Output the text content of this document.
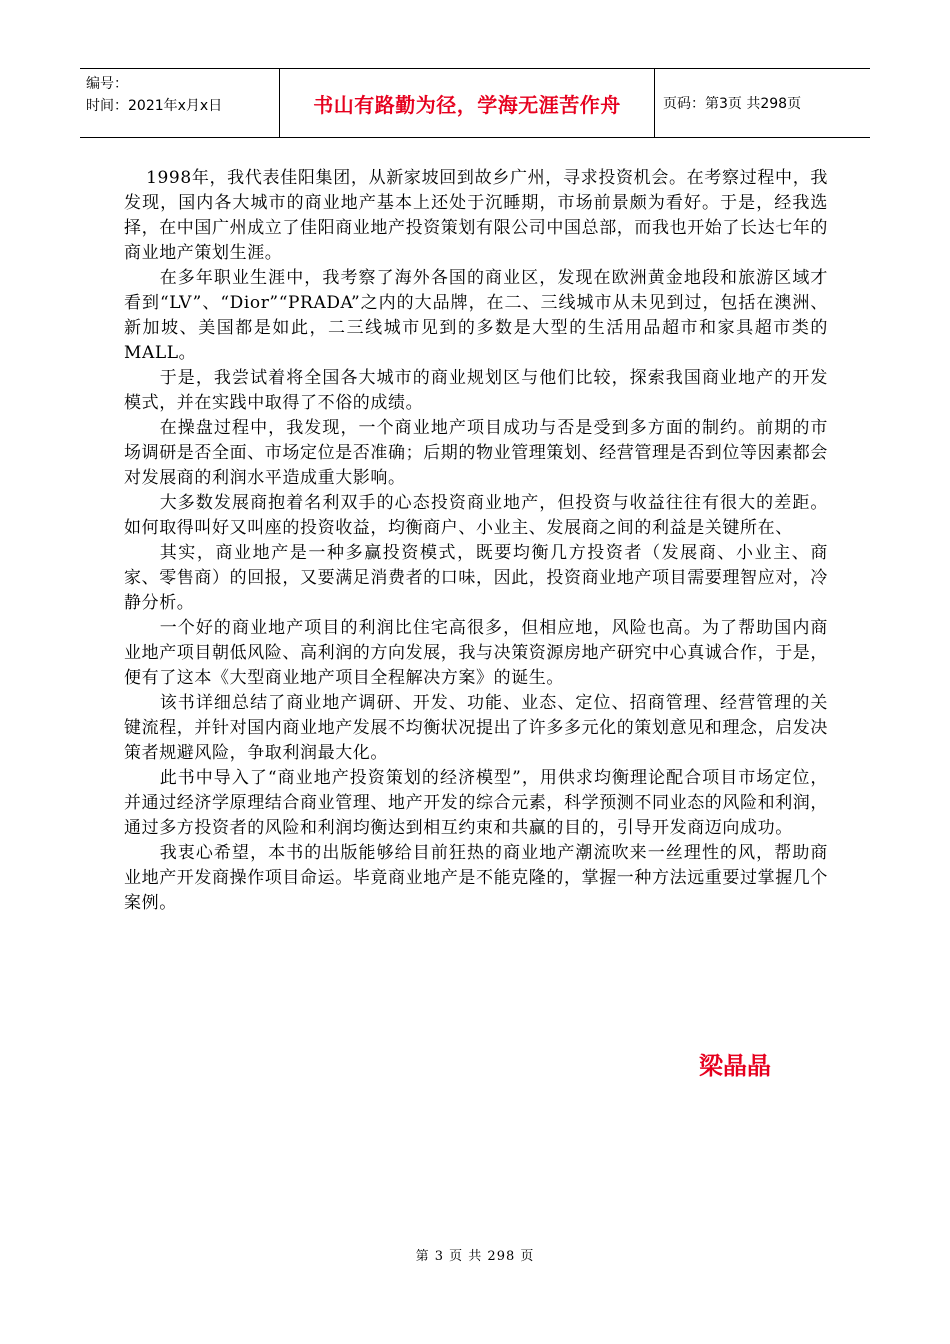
编号：
时间：2021年x月x日	书山有路勤为径，学海无涯苦作舟	页码：第3页 共298页

1998年，我代表佳阳集团，从新家坡回到故乡广州，寻求投资机会。在考察过程中，我发现，国内各大城市的商业地产基本上还处于沉睡期，市场前景颇为看好。于是，经我选择，在中国广州成立了佳阳商业地产投资策划有限公司中国总部，而我也开始了长达七年的商业地产策划生涯。

在多年职业生涯中，我考察了海外各国的商业区，发现在欧洲黄金地段和旅游区域才看到“LV”、“Dior”“PRADA”之内的大品牌，在二、三线城市从未见到过，包括在澳洲、新加坡、美国都是如此，二三线城市见到的多数是大型的生活用品超市和家具超市类的MALL。

于是，我尝试着将全国各大城市的商业规划区与他们比较，探索我国商业地产的开发模式，并在实践中取得了不俗的成绩。

在操盘过程中，我发现，一个商业地产项目成功与否是受到多方面的制约。前期的市场调研是否全面、市场定位是否准确；后期的物业管理策划、经营管理是否到位等因素都会对发展商的利润水平造成重大影响。

大多数发展商抱着名利双手的心态投资商业地产，但投资与收益往往有很大的差距。如何取得叫好又叫座的投资收益，均衡商户、小业主、发展商之间的利益是关键所在、

其实，商业地产是一种多赢投资模式，既要均衡几方投资者（发展商、小业主、商家、零售商）的回报，又要满足消费者的口味，因此，投资商业地产项目需要理智应对，冷静分析。

一个好的商业地产项目的利润比住宅高很多，但相应地，风险也高。为了帮助国内商业地产项目朝低风险、高利润的方向发展，我与决策资源房地产研究中心真诚合作，于是，便有了这本《大型商业地产项目全程解决方案》的诞生。

该书详细总结了商业地产调研、开发、功能、业态、定位、招商管理、经营管理的关键流程，并针对国内商业地产发展不均衡状况提出了许多多元化的策划意见和理念，启发决策者规避风险，争取利润最大化。

此书中导入了“商业地产投资策划的经济模型”，用供求均衡理论配合项目市场定位，并通过经济学原理结合商业管理、地产开发的综合元素，科学预测不同业态的风险和利润，通过多方投资者的风险和利润均衡达到相互约束和共赢的目的，引导开发商迈向成功。

我衷心希望，本书的出版能够给目前狂热的商业地产潮流吹来一丝理性的风，帮助商业地产开发商操作项目命运。毕竟商业地产是不能克隆的，掌握一种方法远重要过掌握几个案例。

梁晶晶
第 3 页 共 298 页
